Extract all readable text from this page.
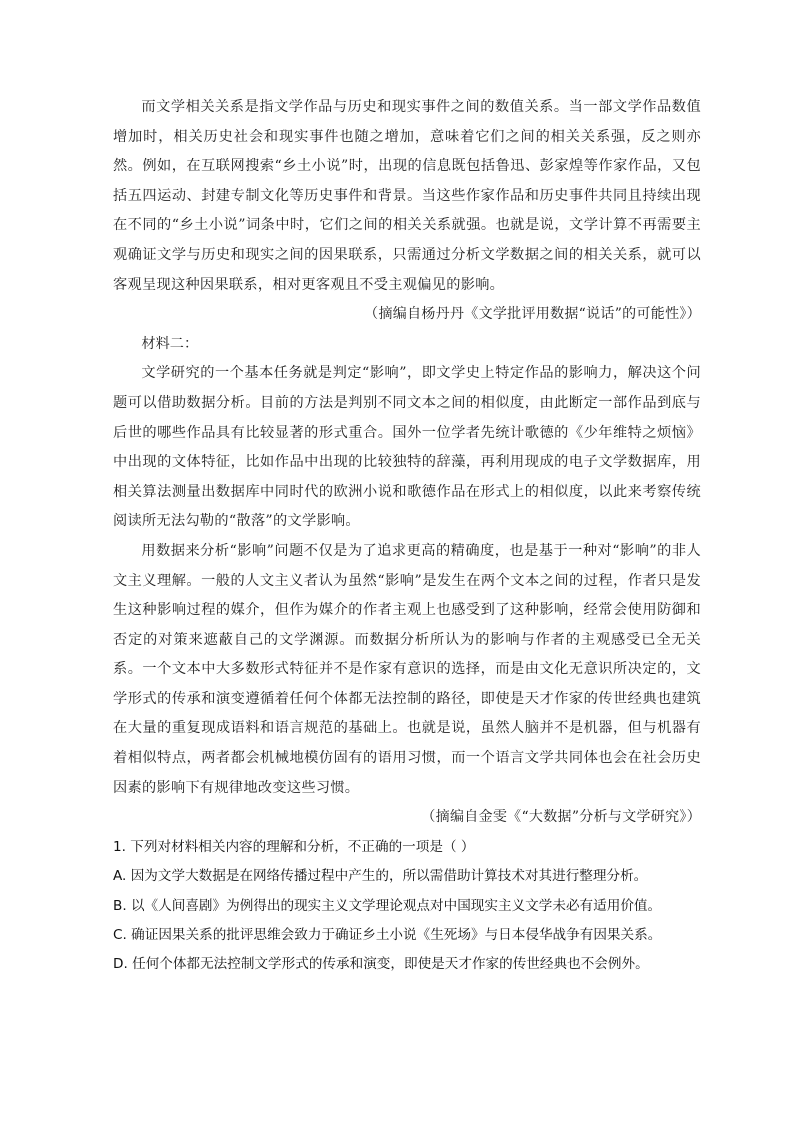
而文学相关关系是指文学作品与历史和现实事件之间的数值关系。当一部文学作品数值增加时，相关历史社会和现实事件也随之增加，意味着它们之间的相关关系强，反之则亦然。例如，在互联网搜索“乡土小说”时，出现的信息既包括鲁迅、彭家煌等作家作品，又包括五四运动、封建专制文化等历史事件和背景。当这些作家作品和历史事件共同且持续出现在不同的“乡土小说”词条中时，它们之间的相关关系就强。也就是说，文学计算不再需要主观确证文学与历史和现实之间的因果联系，只需通过分析文学数据之间的相关关系，就可以客观呈现这种因果联系，相对更客观且不受主观偏见的影响。

（摘编自杨丹丹《文学批评用数据“说话”的可能性》）

材料二：

文学研究的一个基本任务就是判定“影响”，即文学史上特定作品的影响力，解决这个问题可以借助数据分析。目前的方法是判别不同文本之间的相似度，由此断定一部作品到底与后世的哪些作品具有比较显著的形式重合。国外一位学者先统计歌德的《少年维特之烦恼》中出现的文体特征，比如作品中出现的比较独特的辞藻，再利用现成的电子文学数据库，用相关算法测量出数据库中同时代的欧洲小说和歌德作品在形式上的相似度，以此来考察传统阅读所无法勾勒的“散落”的文学影响。

用数据来分析“影响”问题不仅是为了追求更高的精确度，也是基于一种对“影响”的非人文主义理解。一般的人文主义者认为虽然“影响”是发生在两个文本之间的过程，作者只是发生这种影响过程的媒介，但作为媒介的作者主观上也感受到了这种影响，经常会使用防御和否定的对策来遮蔽自己的文学渊源。而数据分析所认为的影响与作者的主观感受已全无关系。一个文本中大多数形式特征并不是作家有意识的选择，而是由文化无意识所决定的，文学形式的传承和演变遵循着任何个体都无法控制的路径，即使是天才作家的传世经典也建筑在大量的重复现成语料和语言规范的基础上。也就是说，虽然人脑并不是机器，但与机器有着相似特点，两者都会机械地模仿固有的语用习惯，而一个语言文学共同体也会在社会历史因素的影响下有规律地改变这些习惯。

（摘编自金雯《“大数据”分析与文学研究》）

1. 下列对材料相关内容的理解和分析，不正确的一项是（ ）

A. 因为文学大数据是在网络传播过程中产生的，所以需借助计算技术对其进行整理分析。

B. 以《人间喜剧》为例得出的现实主义文学理论观点对中国现实主义文学未必有适用价值。

C. 确证因果关系的批评思维会致力于确证乡土小说《生死场》与日本侵华战争有因果关系。

D. 任何个体都无法控制文学形式的传承和演变，即使是天才作家的传世经典也不会例外。
